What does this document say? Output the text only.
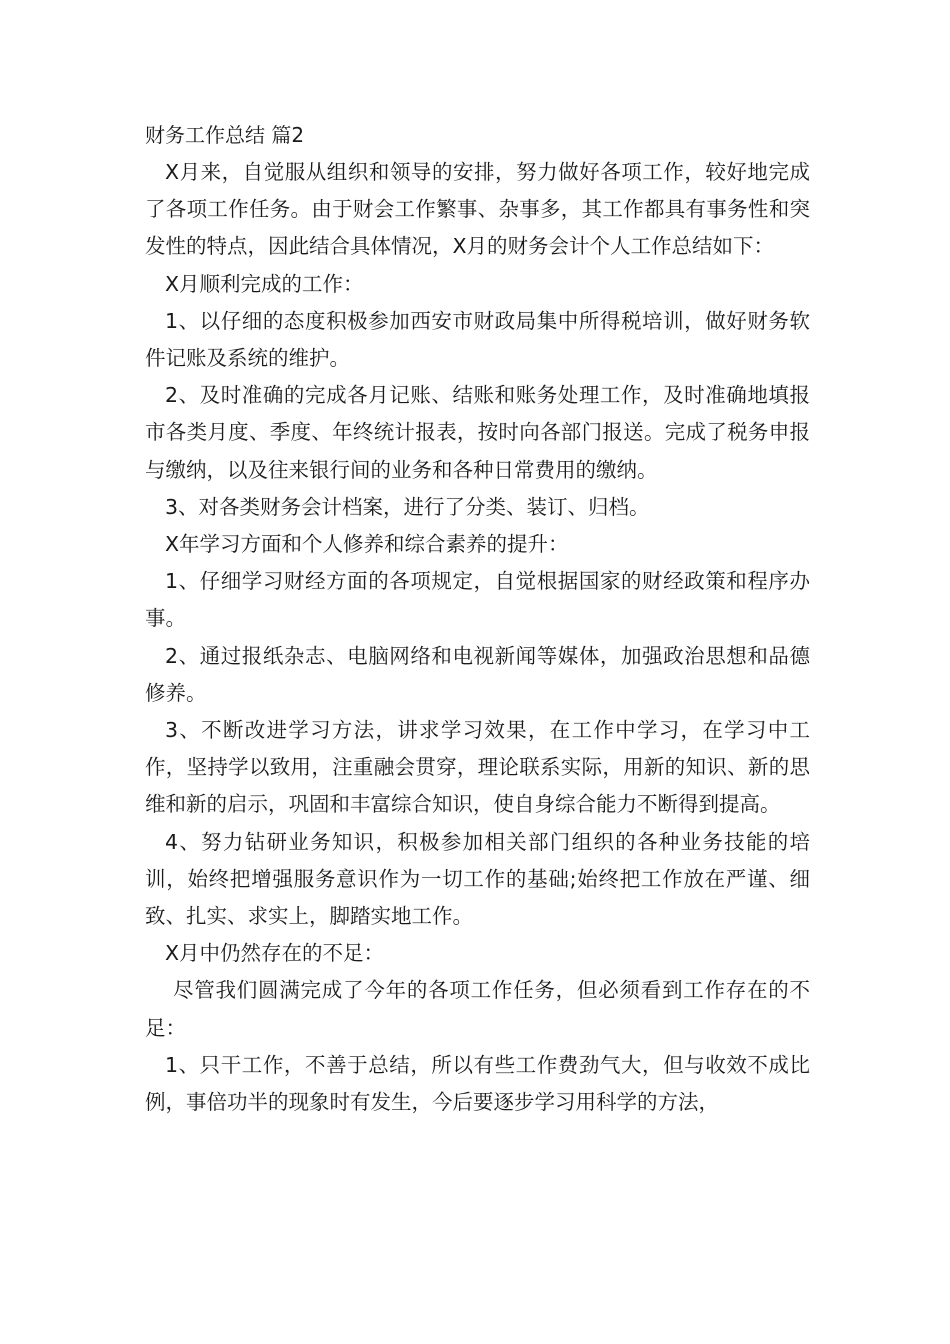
财务工作总结 篇2

X月来，自觉服从组织和领导的安排，努力做好各项工作，较好地完成了各项工作任务。由于财会工作繁事、杂事多，其工作都具有事务性和突发性的特点，因此结合具体情况，X月的财务会计个人工作总结如下：

X月顺利完成的工作：

1、以仔细的态度积极参加西安市财政局集中所得税培训，做好财务软件记账及系统的维护。

2、及时准确的完成各月记账、结账和账务处理工作，及时准确地填报市各类月度、季度、年终统计报表，按时向各部门报送。完成了税务申报与缴纳，以及往来银行间的业务和各种日常费用的缴纳。

3、对各类财务会计档案，进行了分类、装订、归档。

X年学习方面和个人修养和综合素养的提升：

1、仔细学习财经方面的各项规定，自觉根据国家的财经政策和程序办事。

2、通过报纸杂志、电脑网络和电视新闻等媒体，加强政治思想和品德修养。

3、不断改进学习方法，讲求学习效果，在工作中学习，在学习中工作，坚持学以致用，注重融会贯穿，理论联系实际，用新的知识、新的思维和新的启示，巩固和丰富综合知识，使自身综合能力不断得到提高。

4、努力钻研业务知识，积极参加相关部门组织的各种业务技能的培训，始终把增强服务意识作为一切工作的基础;始终把工作放在严谨、细致、扎实、求实上，脚踏实地工作。

X月中仍然存在的不足：

尽管我们圆满完成了今年的各项工作任务，但必须看到工作存在的不足：

1、只干工作，不善于总结，所以有些工作费劲气大，但与收效不成比例，事倍功半的现象时有发生，今后要逐步学习用科学的方法，
